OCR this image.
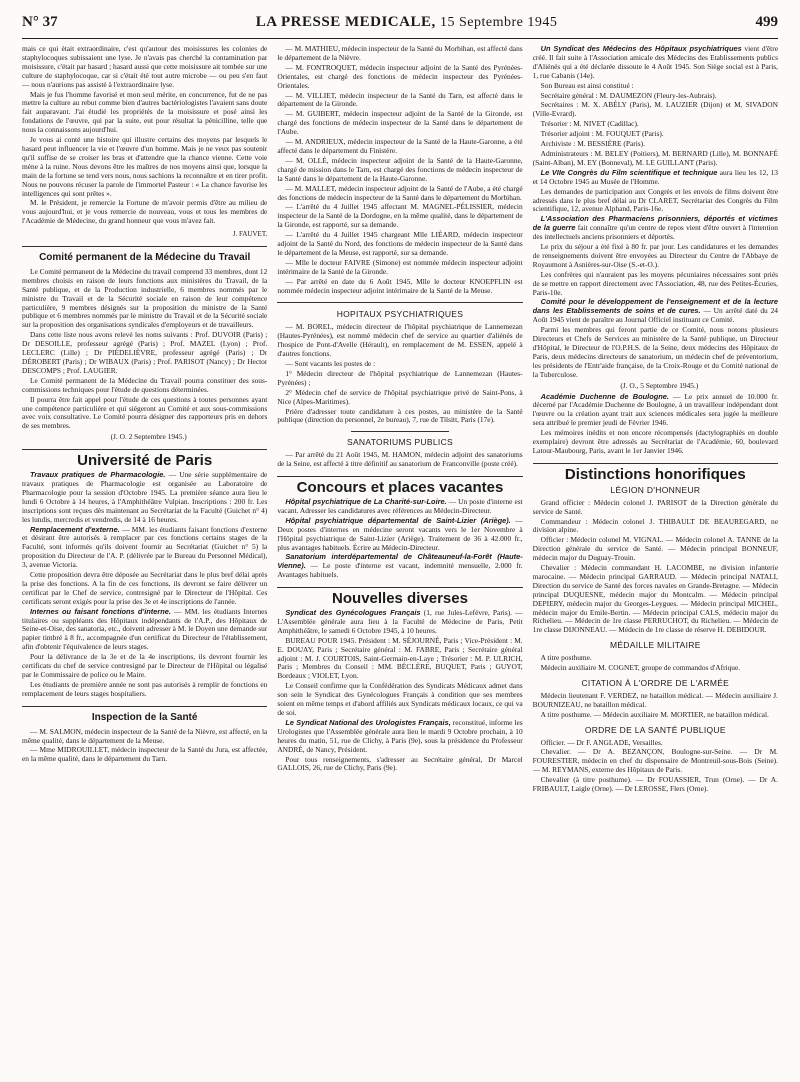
N° 37	LA PRESSE MEDICALE, 15 Septembre 1945	499

mais ce qui était extraordinaire, c'est qu'autour des moisissures les colonies de staphylocoques subissaient une lyse. Je n'avais pas cherché la contamination par moisissure, c'était par hasard ; hasard aussi que cette moisissure ait tombée sur une culture de staphylocoque, car si c'était été tout autre microbe — ou peu s'en faut — nous n'aurions pas assisté à l'extraordinaire lyse.

Mais je fus l'homme favorisé et mon seul mérite, en concurrence, fut de ne pas mettre la culture au rebut comme bien d'autres bactériologistes l'avaient sans doute fait auparavant. J'ai étudié les propriétés de la moisissure et posé ainsi les fondations de l'œuvre, qui par la suite, eut pour résultat la pénicilline, telle que nous la connaissons aujourd'hui.

Je vous ai conté une histoire qui illustre certains des moyens par lesquels le hasard peut influencer la vie et l'œuvre d'un homme. Mais je ne veux pas soutenir qu'il suffise de se croiser les bras et d'attendre que la chance vienne. Cette voie mène à la ruine. Nous devons être les maîtres de nos moyens ainsi que, lorsque la main de la fortune se tend vers nous, nous sachions la reconnaître et en tirer profit. Nous ne pouvons récuser la parole de l'immortel Pasteur : « La chance favorise les intelligences qui sont prêtes ».

M. le Président, je remercie la Fortune de m'avoir permis d'être au milieu de vous aujourd'hui, et je vous remercie de nouveau, vous et tous les membres de l'Académie de Médecine, du grand honneur que vous m'avez fait.

J. FAUVET.

Comité permanent de la Médecine du Travail

Le Comité permanent de la Médecine du travail comprend 33 membres, dont 12 membres choisis en raison de leurs fonctions aux ministères du Travail, de la Santé publique, et de la Production industrielle, 6 membres nommés par le ministre du Travail et de la Sécurité sociale en raison de leur compétence particulière, 9 membres désignés sur la proposition du ministre de la Santé publique et 6 membres nommés par le ministre du Travail et de la Sécurité sociale sur la proposition des organisations syndicales d'employeurs et de travailleurs.

Dans cette liste nous avons relevé les noms suivants : Prof. DUVOIR (Paris) ; Dr DESOILLE, professeur agrégé (Paris) ; Prof. MAZEL (Lyon) ; Prof. LECLERC (Lille) ; Dr PIÉDELIÈVRE, professeur agrégé (Paris) ; Dr DÉROBERT (Paris) ; Dr WIBAUX (Paris) ; Prof. PARISOT (Nancy) ; Dr Hector DESCOMPS ; Prof. LAUGIER.

Le Comité permanent de la Médecine du Travail pourra constituer des sous-commissions techniques pour l'étude de questions déterminées.

Il pourra être fait appel pour l'étude de ces questions à toutes personnes ayant une compétence particulière et qui siégeront au Comité et aux sous-commissions avec voix consultative. Le Comité pourra désigner des rapporteurs pris en dehors de ses membres.

(J. O. 2 Septembre 1945.)

Université de Paris

Travaux pratiques de Pharmacologie. — Une série supplémentaire de travaux pratiques de Pharmacologie est organisée au Laboratoire de Pharmacologie pour la session d'Octobre 1945. La première séance aura lieu le lundi 6 Octobre à 14 heures, à l'Amphithéâtre Vulpian. Inscriptions : 200 fr. Les inscriptions sont reçues dès maintenant au Secrétariat de la Faculté (Guichet n° 4) les lundis, mercredis et vendredis, de 14 à 16 heures.

Remplacement d'externe. — MM. les étudiants faisant fonctions d'externe et désirant être autorisés à remplacer par ces fonctions certains stages de la Faculté, sont informés qu'ils doivent fournir au Secrétariat (Guichet n° 5) la proposition du Directeur de l'A. P. (délivrée par le Bureau du Personnel Médical), 3, avenue Victoria.

Cette proposition devra être déposée au Secrétariat dans le plus bref délai après la prise des fonctions. A la fin de ces fonctions, ils devront se faire délivrer un certificat par le Chef de service, contresigné par le Directeur de l'Hôpital. Ces certificats seront exigés pour la prise des 3e et 4e inscriptions de l'année.

Internes ou faisant fonctions d'interne. — MM. les étudiants Internes titulaires ou suppléants des Hôpitaux indépendants de l'A.P., des Hôpitaux de Seine-et-Oise, des sanatoria, etc., doivent adresser à M. le Doyen une demande sur papier timbré à 8 fr., accompagnée d'un certificat du Directeur de l'établissement, afin d'obtenir l'équivalence de leurs stages.

Pour la délivrance de la 3e et de la 4e inscriptions, ils devront fournir les certificats du chef de service contresigné par le Directeur de l'Hôpital ou légalisé par le Commissaire de police ou le Maire.

Les étudiants de première année ne sont pas autorisés à remplir de fonctions en remplacement de leurs stages hospitaliers.

Inspection de la Santé

— M. SALMON, médecin inspecteur de la Santé de la Nièvre, est affecté, en la même qualité, dans le département de la Meuse.

— Mme MIDROUILLET, médecin inspecteur de la Santé du Jura, est affectée, en la même qualité, dans le département du Tarn.

— M. MATHIEU, médecin inspecteur de la Santé du Morbihan, est affecté dans le département de la Nièvre.

— M. FONTROQUET, médecin inspecteur adjoint de la Santé des Pyrénées-Orientales, est chargé des fonctions de médecin inspecteur des Pyrénées-Orientales.

— M. VILLIET, médecin inspecteur de la Santé du Tarn, est affecté dans le département de la Gironde.

— M. GUIBERT, médecin inspecteur adjoint de la Santé de la Gironde, est chargé des fonctions de médecin inspecteur de la Santé dans le département de l'Aube.

— M. ANDRIEUX, médecin inspecteur de la Santé de la Haute-Garonne, a été affecté dans le département du Finistère.

— M. OLLÉ, médecin inspecteur adjoint de la Santé de la Haute-Garonne, chargé de mission dans le Tarn, est chargé des fonctions de médecin inspecteur de la Santé dans le département de la Haute-Garonne.

— M. MALLET, médecin inspecteur adjoint de la Santé de l'Aube, a été chargé des fonctions de médecin inspecteur de la Santé dans le département du Morbihan.

— L'arrêté du 4 Juillet 1945 affectant M. MAGNEL-PÉLISSIER, médecin inspecteur de la Santé de la Dordogne, en la même qualité, dans le département de la Gironde, est rapporté, sur sa demande.

— L'arrêté du 4 Juillet 1945 chargeant Mlle LIÉARD, médecin inspecteur adjoint de la Santé du Nord, des fonctions de médecin inspecteur de la Santé dans le département de la Meuse, est rapporté, sur sa demande.

— Mlle le docteur FAIVRE (Simone) est nommée médecin inspecteur adjoint intérimaire de la Santé de la Gironde.

— Par arrêté en date du 6 Août 1945, Mlle le docteur KNOEPFLIN est nommée médecin inspecteur adjoint intérimaire de la Santé de la Meuse.

HOPITAUX PSYCHIATRIQUES

— M. BOREL, médecin directeur de l'hôpital psychiatrique de Lannemezan (Hautes-Pyrénées), est nommé médecin chef de service au quartier d'aliénés de l'hospice de Pont-d'Avelle (Hérault), en remplacement de M. ESSEN, appelé à d'autres fonctions.

— Sont vacants les postes de :

1° Médecin directeur de l'hôpital psychiatrique de Lannemezan (Hautes-Pyrénées) ;

2° Médecin chef de service de l'hôpital psychiatrique privé de Saint-Pons, à Nice (Alpes-Maritimes).

Prière d'adresser toute candidature à ces postes, au ministère de la Santé publique (direction du personnel, 2e bureau), 7, rue de Tilsitt, Paris (17e).

SANATORIUMS PUBLICS

— Par arrêté du 21 Août 1945, M. HAMON, médecin adjoint des sanatoriums de la Seine, est affecté à titre définitif au sanatorium de Franconville (poste créé).

Concours et places vacantes

Hôpital psychiatrique de La Charité-sur-Loire. — Un poste d'interne est vacant. Adresser les candidatures avec références au Médecin-Directeur.

Hôpital psychiatrique départemental de Saint-Lizier (Ariège). — Deux postes d'internes en médecine seront vacants vers le 1er Novembre à l'Hôpital psychiatrique de Saint-Lizier (Ariège). Traitement de 36 à 42.000 fr., plus avantages habituels. Écrire au Médecin-Directeur.

Sanatorium interdépartemental de Châteauneuf-la-Forêt (Haute-Vienne). — Le poste d'interne est vacant, indemnité mensuelle, 2.000 fr. Avantages habituels.

Nouvelles diverses

Syndicat des Gynécologues Français (1, rue Jules-Lefèvre, Paris). — L'Assemblée générale aura lieu à la Faculté de Médecine de Paris, Petit Amphithéâtre, le samedi 6 Octobre 1945, à 10 heures.

BUREAU POUR 1945. Président : M. SÉJOURNÉ, Paris ; Vice-Président : M. E. DOUAY, Paris ; Secrétaire général : M. FABRE, Paris ; Secrétaire général adjoint : M. J. COURTOIS, Saint-Germain-en-Laye ; Trésorier : M. P. ULRICH, Paris ; Membres du Conseil : MM. BÉCLÈRE, BUQUET, Paris ; GUYOT, Bordeaux ; VIOLET, Lyon.

Le Conseil confirme que la Confédération des Syndicats Médicaux admet dans son sein le Syndicat des Gynécologues Français à condition que ses membres soient en même temps et d'abord affiliés aux Syndicats médicaux locaux, ce qui va de soi.

Le Syndicat National des Urologistes Français, reconstitué, informe les Urologistes que l'Assemblée générale aura lieu le mardi 9 Octobre prochain, à 10 heures du matin, 51, rue de Clichy, à Paris (9e), sous la présidence du Professeur ANDRÉ, de Nancy, Président.

Pour tous renseignements, s'adresser au Secrétaire général, Dr Marcel GALLOIS, 26, rue de Clichy, Paris (9e).

Un Syndicat des Médecins des Hôpitaux psychiatriques vient d'être créé. Il fait suite à l'Association amicale des Médecins des Etablissements publics d'Aliénés qui a été déclarée dissoute le 4 Août 1945. Son Siège social est à Paris, 1, rue Cabanis (14e).

Son Bureau est ainsi constitué :

Secrétaire général : M. DAUMEZON (Fleury-les-Aubrais).

Secrétaires : M. X. ABÉLY (Paris), M. LAUZIER (Dijon) et M. SIVADON (Ville-Evrard).

Trésorier : M. NIVET (Cadillac).

Trésorier adjoint : M. FOUQUET (Paris).

Archiviste : M. BESSIÈRE (Paris).

Administrateurs : M. BELEY (Poitiers), M. BERNARD (Lille), M. BONNAFÉ (Saint-Alban), M. EY (Bonneval), M. LE GUILLANT (Paris).

Le VIIe Congrès du Film scientifique et technique aura lieu les 12, 13 et 14 Octobre 1945 au Musée de l'Homme.

Les demandes de participation aux Congrès et les envois de films doivent être adressés dans le plus bref délai au Dr CLARET, Secrétariat des Congrès du Film scientifique, 12, avenue Alphand, Paris-16e.

L'Association des Pharmaciens prisonniers, déportés et victimes de la guerre fait connaître qu'un centre de repos vient d'être ouvert à l'intention des intellectuels anciens prisonniers et déportés.

Le prix du séjour a été fixé à 80 fr. par jour. Les candidatures et les demandes de renseignements doivent être envoyées au Directeur du Centre de l'Abbaye de Royaumont à Asnières-sur-Oise (S.-et-O.).

Les confrères qui n'auraient pas les moyens pécuniaires nécessaires sont priés de se mettre en rapport directement avec l'Association, 48, rue des Petites-Écuries, Paris-10e.

Comité pour le développement de l'enseignement et de la lecture dans les Etablissements de soins et de cures. — Un arrêté daté du 24 Août 1945 vient de paraître au Journal Officiel instituant ce Comité.

Parmi les membres qui feront partie de ce Comité, nous notons plusieurs Directeurs et Chefs de Services au ministère de la Santé publique, un Directeur d'Hôpital, le Directeur de l'O.P.H.S. de la Seine, deux médecins des Hôpitaux de Paris, deux médecins directeurs de sanatorium, un médecin chef de préventorium, les présidents de l'Entr'aide française, de la Croix-Rouge et du Comité national de la Tuberculose.

(J. O., 5 Septembre 1945.)

Académie Duchenne de Boulogne. — Le prix annuel de 10.000 fr. décerné par l'Académie Duchenne de Boulogne, à un travailleur indépendant dont l'œuvre ou la création ayant trait aux sciences médicales sera jugée la meilleure sera attribué le premier jeudi de Février 1946.

Les mémoires inédits et non encore récompensés (dactylographiés en double exemplaire) devront être adressés au Secrétariat de l'Académie, 60, boulevard Latour-Maubourg, Paris, avant le 1er Janvier 1946.

Distinctions honorifiques
LÉGION D'HONNEUR

Grand officier : Médecin colonel J. PARISOT de la Direction générale du service de Santé.

Commandeur : Médecin colonel J. THIBAULT DE BEAUREGARD, ne division alpine.

Officier : Médecin colonel M. VIGNAL. — Médecin colonel A. TANNE de la Direction générale du service de Santé. — Médecin principal BONNEUF, médecin major du Duguay-Trouin.

Chevalier : Médecin commandant H. LACOMBE, ne division infanterie marocaine. — Médecin principal GARRAUD. — Médecin principal NATALI, Direction du service de Santé des forces navales en Grande-Bretagne. — Médecin principal DUQUESNE, médecin major du Montcalm. — Médecin principal DEPIERY, médecin major du Georges-Leygues. — Médecin principal MICHEL, médecin major du Emile-Bertin. — Médecin principal CALS, médecin major du Richelieu. — Médecin de 1re classe PERRUCHOT, du Richelieu. — Médecin de 1re classe DIJONNEAU. — Médecin de 1re classe de réserve H. DEBIDOUR.

MÉDAILLE MILITAIRE

A titre posthume.

Médecin auxiliaire M. COGNET, groupe de commandos d'Afrique.

CITATION À L'ORDRE DE L'ARMÉE

Médecin lieutenant F. VERDEZ, ne bataillon médical. — Médecin auxiliaire J. BOURNIZEAU, ne bataillon médical.

A titre posthume. — Médecin auxiliaire M. MORTIER, ne bataillon médical.

ORDRE DE LA SANTÉ PUBLIQUE

Officier. — Dr F. ANGLADE, Versailles.

Chevalier. — Dr A. BEZANÇON, Boulogne-sur-Seine. — Dr M. FOURESTIER, médecin en chef du dispensaire de Montreuil-sous-Bois (Seine). — M. REYMANS, externe des Hôpitaux de Paris.

Chevalier (à titre posthume). — Dr FOUASSIER, Trun (Orne). — Dr A. FRIBAULT, Laigle (Orne). — Dr LEROSSE, Flers (Orne).
